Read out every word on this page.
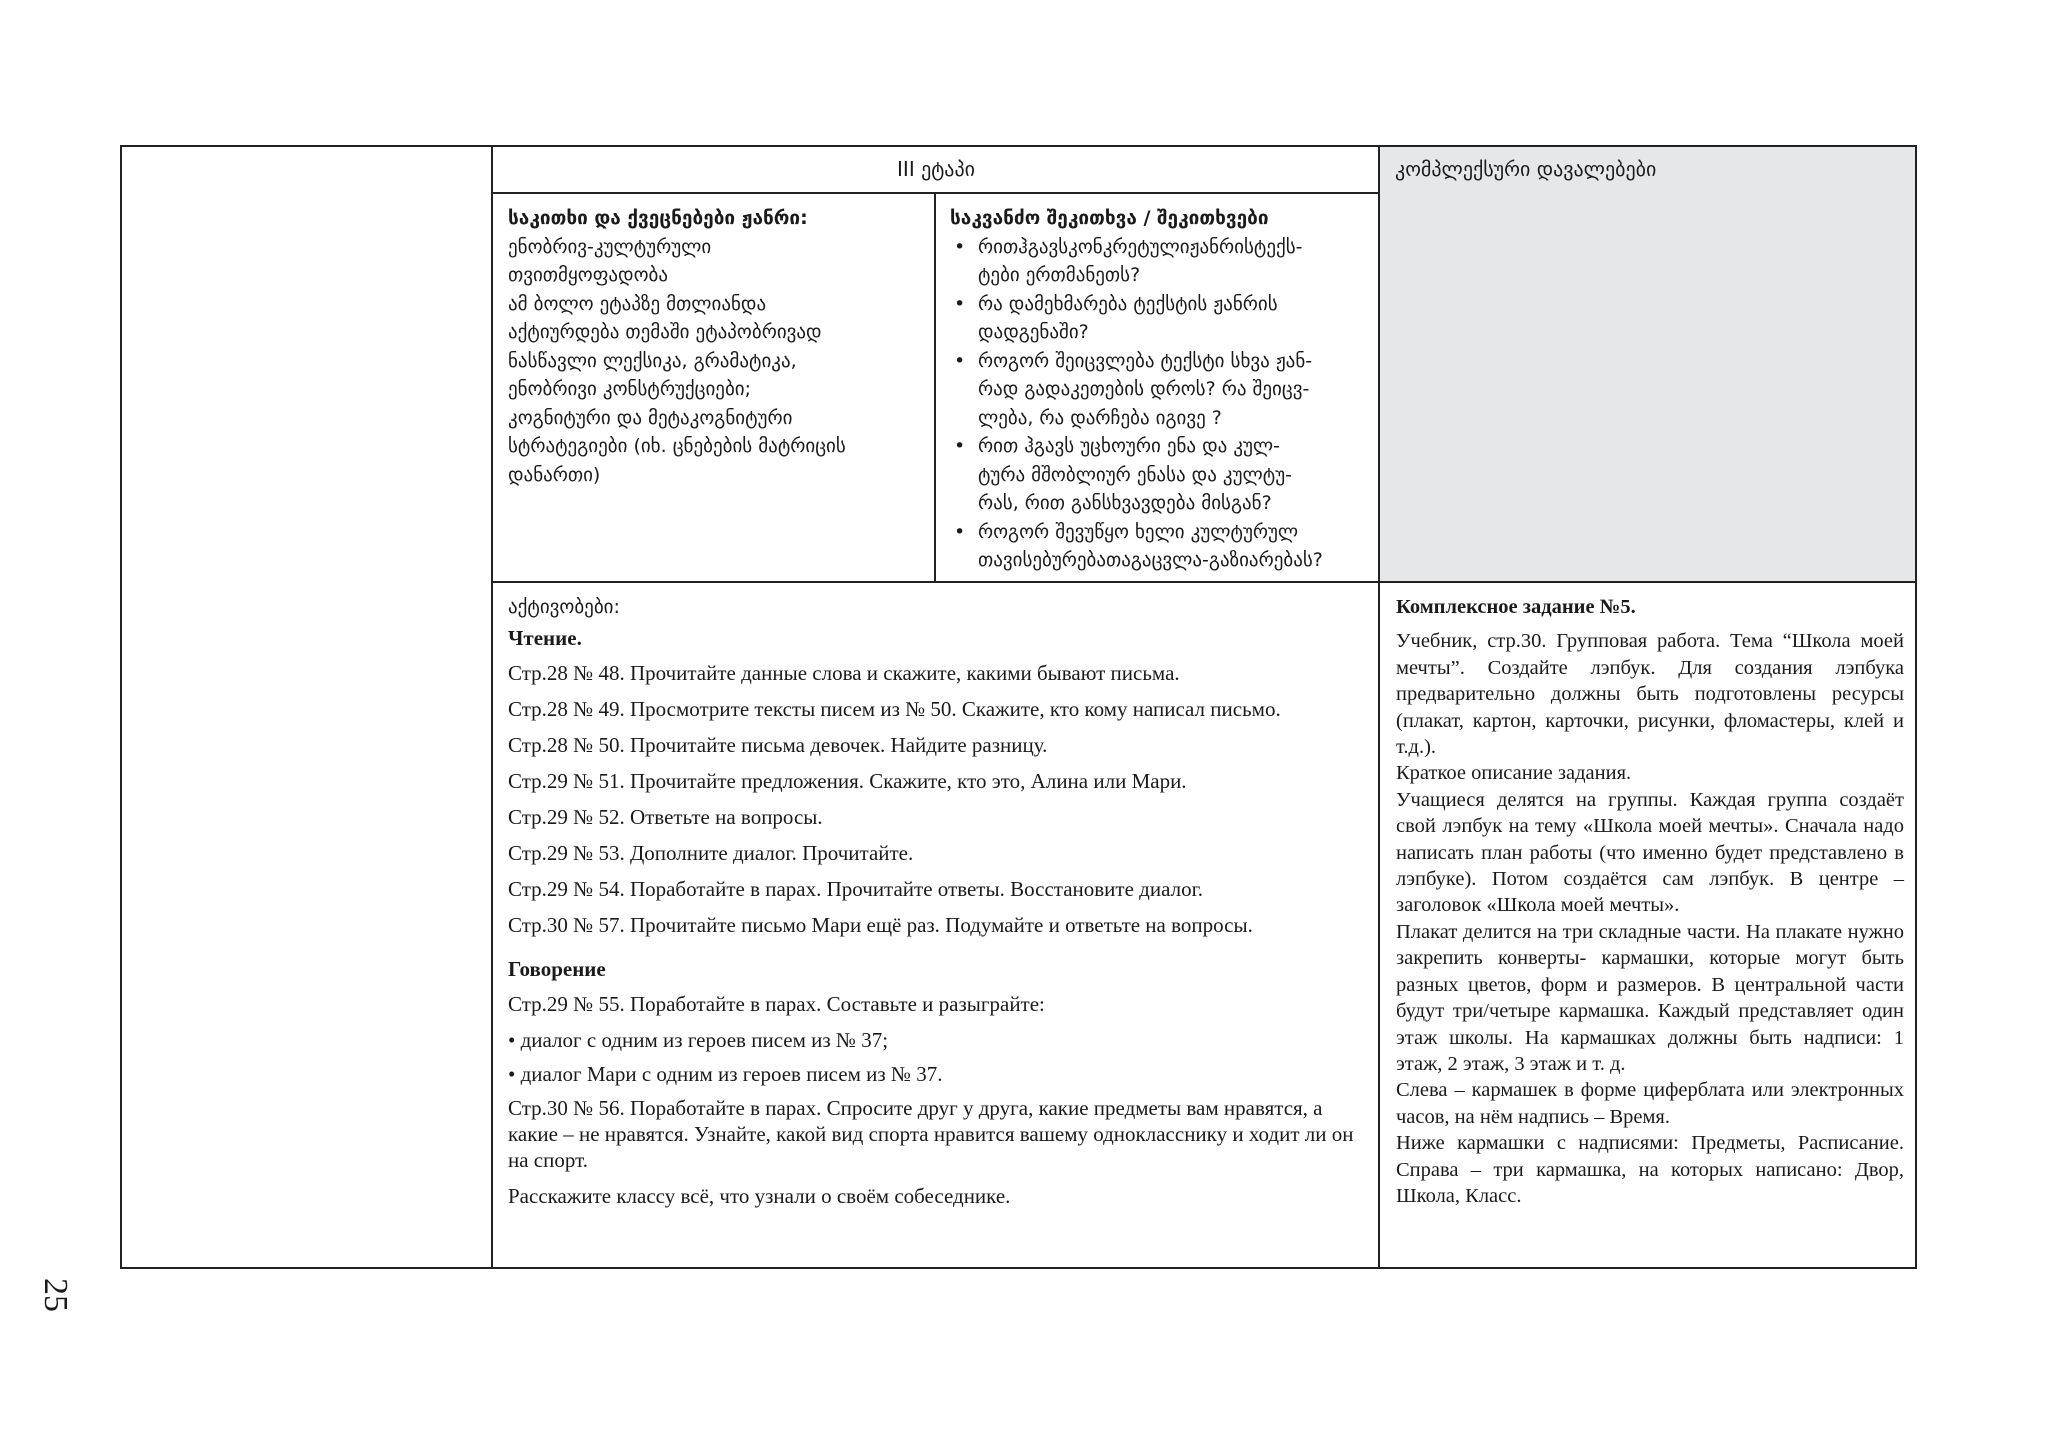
III ეტაპი	კომპლექსური დავალებები
საკითხი და ქვეცნებები ჟანრი:
ენობრივ-კულტურული
თვითმყოფადობა
ამ ბოლო ეტაპზე მთლიანდა
აქტიურდება თემაში ეტაპობრივად
ნასწავლი ლექსიკა, გრამატიკა,
ენობრივი კონსტრუქციები;
კოგნიტური და მეტაკოგნიტური
სტრატეგიები (იხ. ცნებების მატრიცის
დანართი)
საკვანძო შეკითხვა / შეკითხვები
• რითჰგავსკონკრეტულიჟანრისტექს-
ტები ერთმანეთს?
• რა დამეხმარება ტექსტის ჟანრის
დადგენაში?
• როგორ შეიცვლება ტექსტი სხვა ჟან-
რად გადაკეთების დროს? რა შეიცვ-
ლება, რა დარჩება იგივე ?
• რით ჰგავს უცხოური ენა და კულ-
ტურა მშობლიურ ენასა და კულტუ-
რას, რით განსხვავდება მისგან?
• როგორ შევუწყო ხელი კულტურულ
თავისებურებათაგაცვლა-გაზიარებას?

აქტივობები:

Чтение.

Стр.28 № 48. Прочитайте данные слова и скажите, какими бывают письма.

Стр.28 № 49. Просмотрите тексты писем из № 50. Скажите, кто кому написал письмо.

Стр.28 № 50. Прочитайте письма девочек. Найдите разницу.

Стр.29 № 51. Прочитайте предложения. Скажите, кто это, Алина или Мари.

Стр.29 № 52. Ответьте на вопросы.

Стр.29 № 53. Дополните диалог. Прочитайте.

Стр.29 № 54. Поработайте в парах. Прочитайте ответы. Восстановите диалог.

Стр.30 № 57. Прочитайте письмо Мари ещё раз. Подумайте и ответьте на вопросы.

Говорение

Стр.29 № 55. Поработайте в парах. Составьте и разыграйте:

• диалог с одним из героев писем из № 37;

• диалог Мари с одним из героев писем из № 37.

Стр.30 № 56. Поработайте в парах. Спросите друг у друга, какие предметы вам нравятся, а какие – не нравятся. Узнайте, какой вид спорта нравится вашему однокласснику и ходит ли он на спорт.

Расскажите классу всё, что узнали о своём собеседнике.

Комплексное задание №5.

Учебник, стр.30. Групповая работа. Тема “Школа моей мечты”. Создайте лэпбук. Для создания лэпбука предварительно должны быть подготовлены ресурсы (плакат, картон, карточки, рисунки, фломастеры, клей и т.д.).

Краткое описание задания.

Учащиеся делятся на группы. Каждая группа создаёт свой лэпбук на тему «Школа моей мечты». Сначала надо написать план работы (что именно будет представлено в лэпбуке). Потом создаётся сам лэпбук. В центре – заголовок «Школа моей мечты».

Плакат делится на три складные части. На плакате нужно закрепить конверты- кармашки, которые могут быть разных цветов, форм и размеров. В центральной части будут три/четыре кармашка. Каждый представляет один этаж школы. На кармашках должны быть надписи: 1 этаж, 2 этаж, 3 этаж и т. д.

Слева – кармашек в форме циферблата или электронных часов, на нём надпись – Время.

Ниже кармашки с надписями: Предметы, Расписание. Справа – три кармашка, на которых написано: Двор, Школа, Класс.

25
